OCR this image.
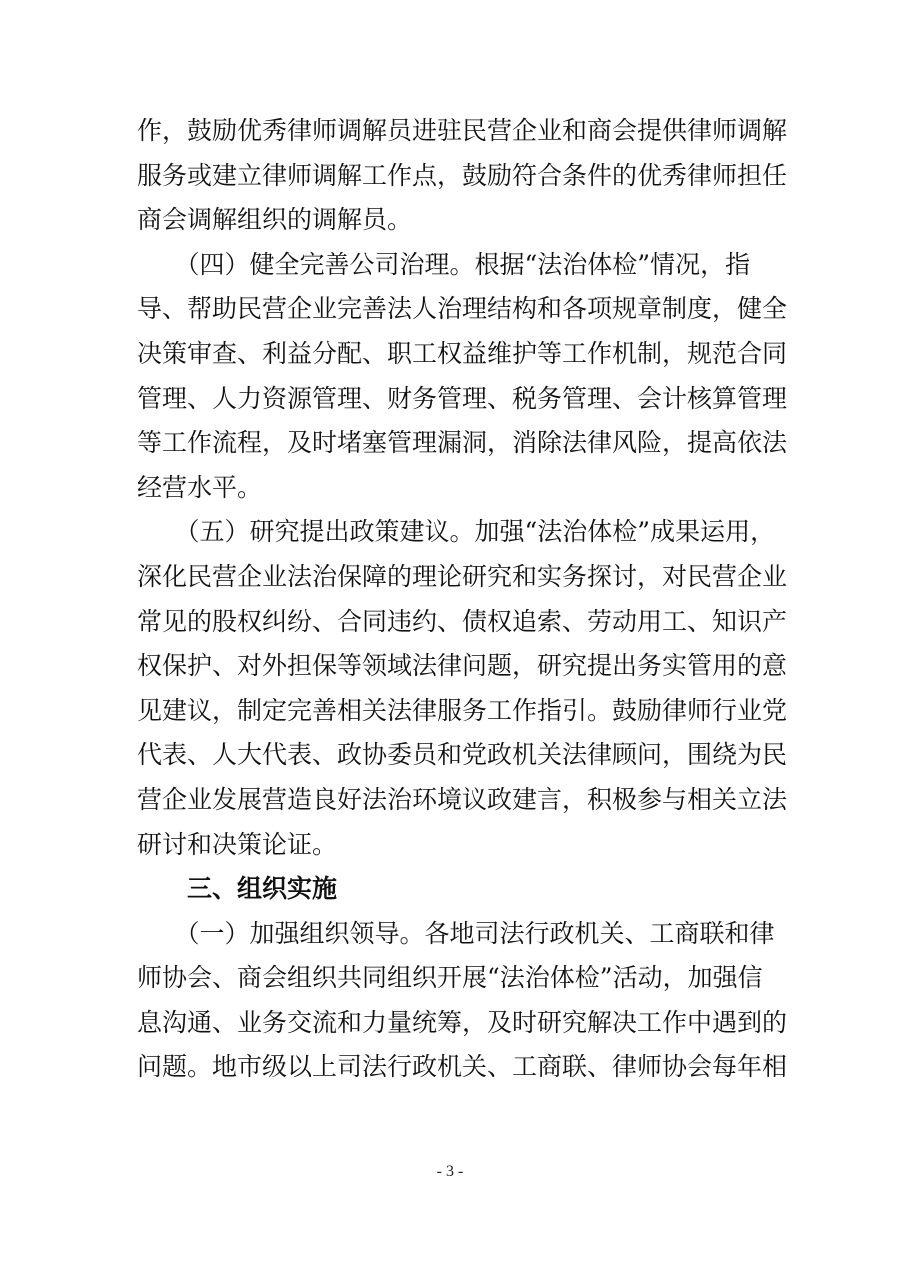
作，鼓励优秀律师调解员进驻民营企业和商会提供律师调解
服务或建立律师调解工作点，鼓励符合条件的优秀律师担任
商会调解组织的调解员。
　　（四）健全完善公司治理。根据“法治体检”情况，指
导、帮助民营企业完善法人治理结构和各项规章制度，健全
决策审查、利益分配、职工权益维护等工作机制，规范合同
管理、人力资源管理、财务管理、税务管理、会计核算管理
等工作流程，及时堵塞管理漏洞，消除法律风险，提高依法
经营水平。
　　（五）研究提出政策建议。加强“法治体检”成果运用，
深化民营企业法治保障的理论研究和实务探讨，对民营企业
常见的股权纠纷、合同违约、债权追索、劳动用工、知识产
权保护、对外担保等领域法律问题，研究提出务实管用的意
见建议，制定完善相关法律服务工作指引。鼓励律师行业党
代表、人大代表、政协委员和党政机关法律顾问，围绕为民
营企业发展营造良好法治环境议政建言，积极参与相关立法
研讨和决策论证。
　　三、组织实施
　　（一）加强组织领导。各地司法行政机关、工商联和律
师协会、商会组织共同组织开展“法治体检”活动，加强信
息沟通、业务交流和力量统筹，及时研究解决工作中遇到的
问题。地市级以上司法行政机关、工商联、律师协会每年相
- 3 -
